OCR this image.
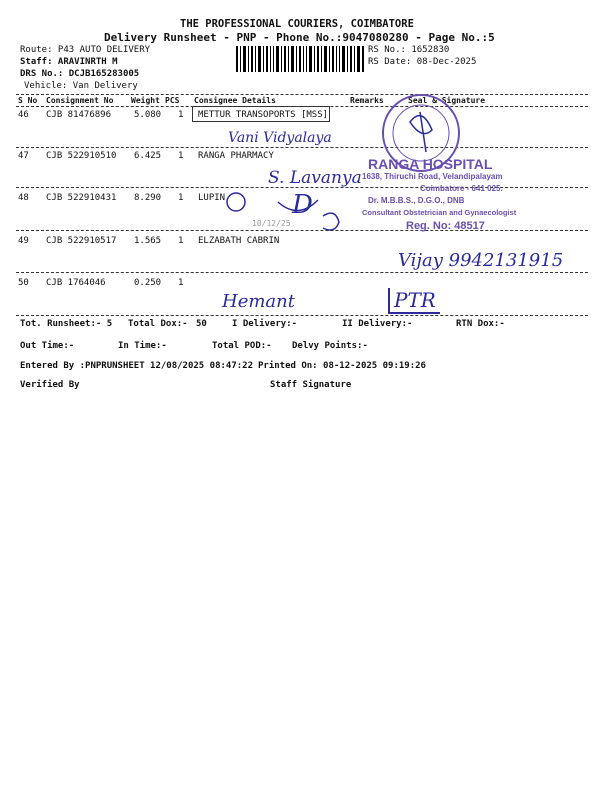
THE PROFESSIONAL COURIERS, COIMBATORE
Delivery Runsheet - PNP - Phone No.:9047080280 - Page No.:5
Route: P43 AUTO DELIVERY
Staff: ARAVINRTH M
DRS No.: DCJB165283005
Vehicle: Van Delivery
RS No.: 1652830
RS Date: 08-Dec-2025
S No Consignment No Weight PCS Consignee Details	Remarks	Seal & Signature
46 CJB 81476896	5.080 1 METTUR TRANSOPORTS [MSS]
Vani Vidyalaya
47 CJB 522910510 6.425 1 RANGA PHARMACY
S. Lavanya
48 CJB 522910431 8.290 1 LUPIN	D
49 CJB 522910517 1.565 1 ELZABATH CABRIN
Vijay 9942131915
50 CJB 1764046	0.250 1
Hemant	PTR
RANGA HOSPITAL
1638, Thiruchi Road, Velandipalayam
Coimbatore - 641 025.
Dr. M.B.B.S., D.G.O., DNB
Consultant Obstetrician and Gynaecologist
Reg. No: 48517
10/12/25
Tot. Runsheet:- 5 Total Dox:- 50	I Delivery:-	II Delivery:-	RTN Dox:-
Out Time:-	In Time:-	Total POD:- Delvy Points:-
Entered By :PNPRUNSHEET 12/08/2025 08:47:22 Printed On: 08-12-2025 09:19:26
Verified By	Staff Signature
